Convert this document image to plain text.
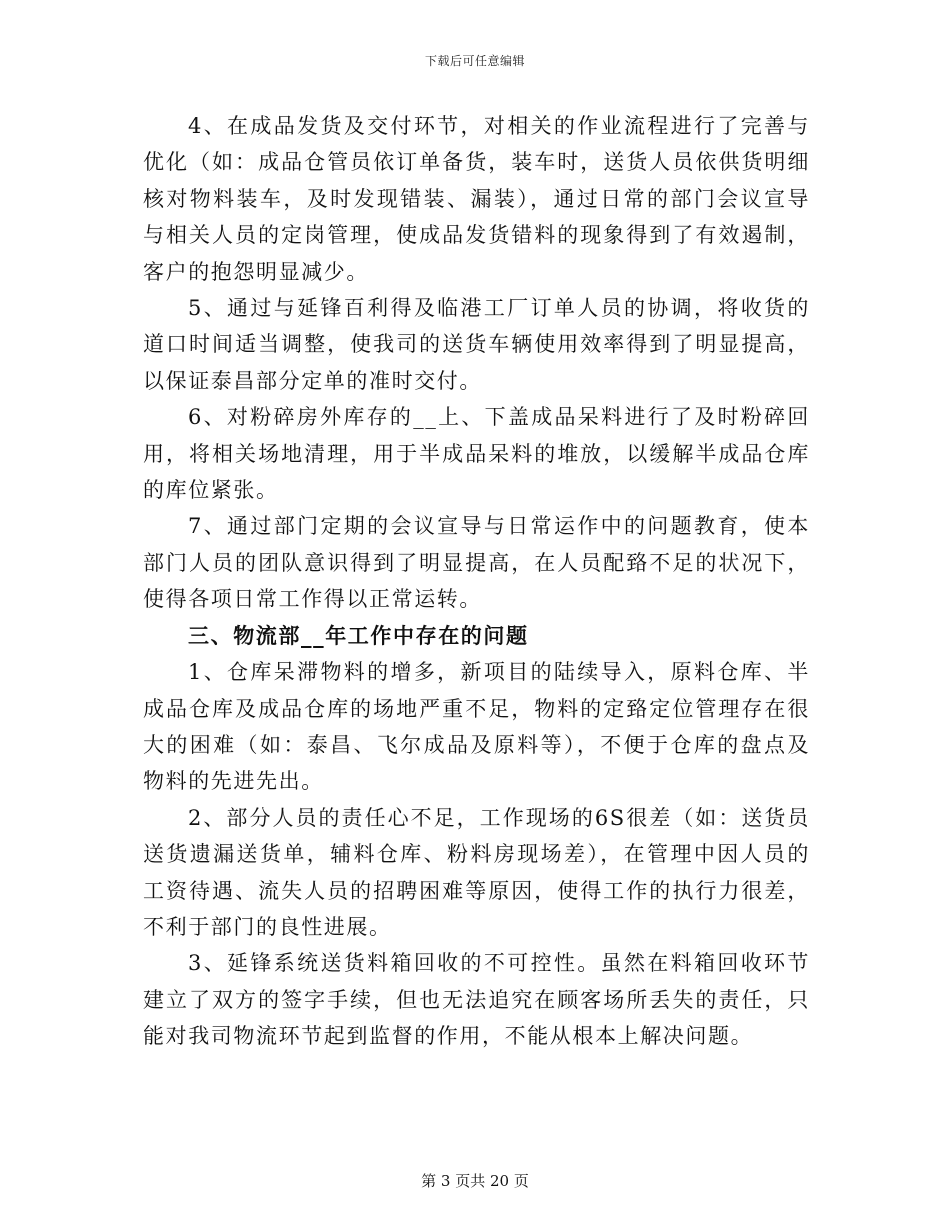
下载后可任意编辑

4、在成品发货及交付环节，对相关的作业流程进行了完善与优化（如：成品仓管员依订单备货，装车时，送货人员依供货明细核对物料装车，及时发现错装、漏装），通过日常的部门会议宣导与相关人员的定岗管理，使成品发货错料的现象得到了有效遏制，客户的抱怨明显减少。

5、通过与延锋百利得及临港工厂订单人员的协调，将收货的道口时间适当调整，使我司的送货车辆使用效率得到了明显提高，以保证泰昌部分定单的准时交付。

6、对粉碎房外库存的__上、下盖成品呆料进行了及时粉碎回用，将相关场地清理，用于半成品呆料的堆放，以缓解半成品仓库的库位紧张。

7、通过部门定期的会议宣导与日常运作中的问题教育，使本部门人员的团队意识得到了明显提高，在人员配臵不足的状况下，使得各项日常工作得以正常运转。

三、物流部__年工作中存在的问题

1、仓库呆滞物料的增多，新项目的陆续导入，原料仓库、半成品仓库及成品仓库的场地严重不足，物料的定臵定位管理存在很大的困难（如：泰昌、飞尔成品及原料等），不便于仓库的盘点及物料的先进先出。

2、部分人员的责任心不足，工作现场的6S很差（如：送货员送货遗漏送货单，辅料仓库、粉料房现场差），在管理中因人员的工资待遇、流失人员的招聘困难等原因，使得工作的执行力很差，不利于部门的良性进展。

3、延锋系统送货料箱回收的不可控性。虽然在料箱回收环节建立了双方的签字手续，但也无法追究在顾客场所丢失的责任，只能对我司物流环节起到监督的作用，不能从根本上解决问题。

第 3 页共 20 页
